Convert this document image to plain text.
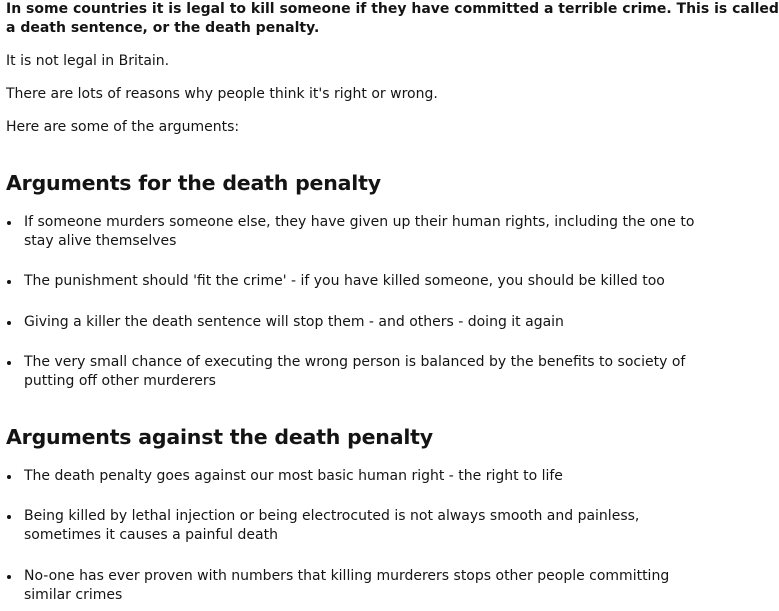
In some countries it is legal to kill someone if they have committed a terrible crime. This is called
a death sentence, or the death penalty.

It is not legal in Britain.

There are lots of reasons why people think it's right or wrong.

Here are some of the arguments:

Arguments for the death penalty
If someone murders someone else, they have given up their human rights, including the one to
stay alive themselves
The punishment should 'fit the crime' - if you have killed someone, you should be killed too
Giving a killer the death sentence will stop them - and others - doing it again
The very small chance of executing the wrong person is balanced by the benefits to society of
putting off other murderers
Arguments against the death penalty
The death penalty goes against our most basic human right - the right to life
Being killed by lethal injection or being electrocuted is not always smooth and painless,
sometimes it causes a painful death
No-one has ever proven with numbers that killing murderers stops other people committing
similar crimes
